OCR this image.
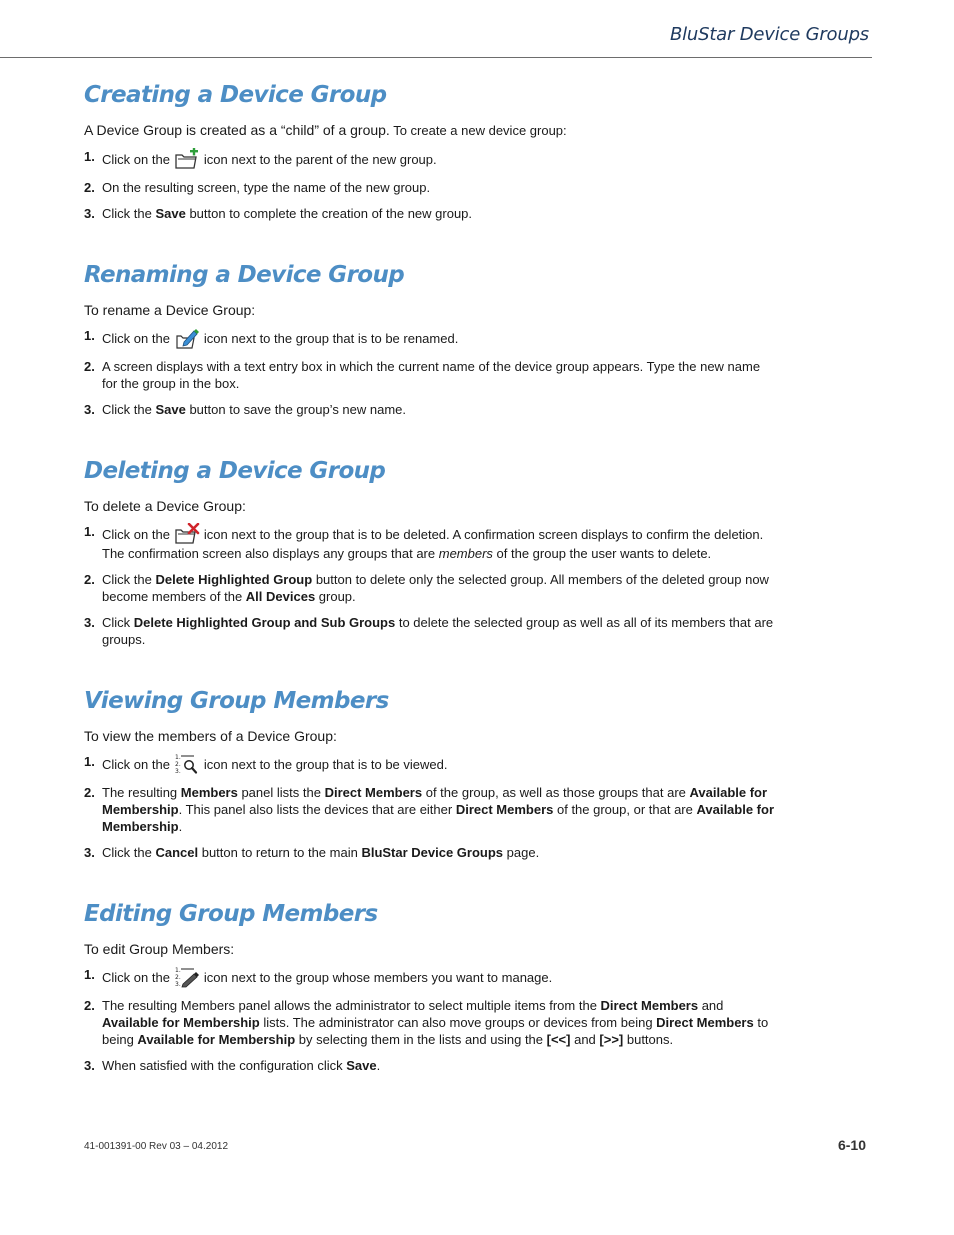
BluStar Device Groups
Creating a Device Group

A Device Group is created as a “child” of a group. To create a new device group:

1. Click on the	icon next to the parent of the new group.
2. On the resulting screen, type the name of the new group.
3. Click the Save button to complete the creation of the new group.
Renaming a Device Group

To rename a Device Group:

1. Click on the	icon next to the group that is to be renamed.
2. A screen displays with a text entry box in which the current name of the device group appears. Type the new name for the group in the box.
3. Click the Save button to save the group’s new name.
Deleting a Device Group

To delete a Device Group:

1. Click on the	icon next to the group that is to be deleted. A confirmation screen displays to confirm the deletion. The confirmation screen also displays any groups that are members of the group the user wants to delete.
2. Click the Delete Highlighted Group button to delete only the selected group. All members of the deleted group now become members of the All Devices group.
3. Click Delete Highlighted Group and Sub Groups to delete the selected group as well as all of its members that are groups.
Viewing Group Members

To view the members of a Device Group:

1. Click on the 1.
2.
3. icon next to the group that is to be viewed.
2. The resulting Members panel lists the Direct Members of the group, as well as those groups that are Available for Membership. This panel also lists the devices that are either Direct Members of the group, or that are Available for Membership.
3. Click the Cancel button to return to the main BluStar Device Groups page.
Editing Group Members

To edit Group Members:

1. Click on the 1.
2.
3. icon next to the group whose members you want to manage.
2. The resulting Members panel allows the administrator to select multiple items from the Direct Members and Available for Membership lists. The administrator can also move groups or devices from being Direct Members to being Available for Membership by selecting them in the lists and using the [<<] and [>>] buttons.
3. When satisfied with the configuration click Save.
41-001391-00 Rev 03 – 04.2012	6-10
